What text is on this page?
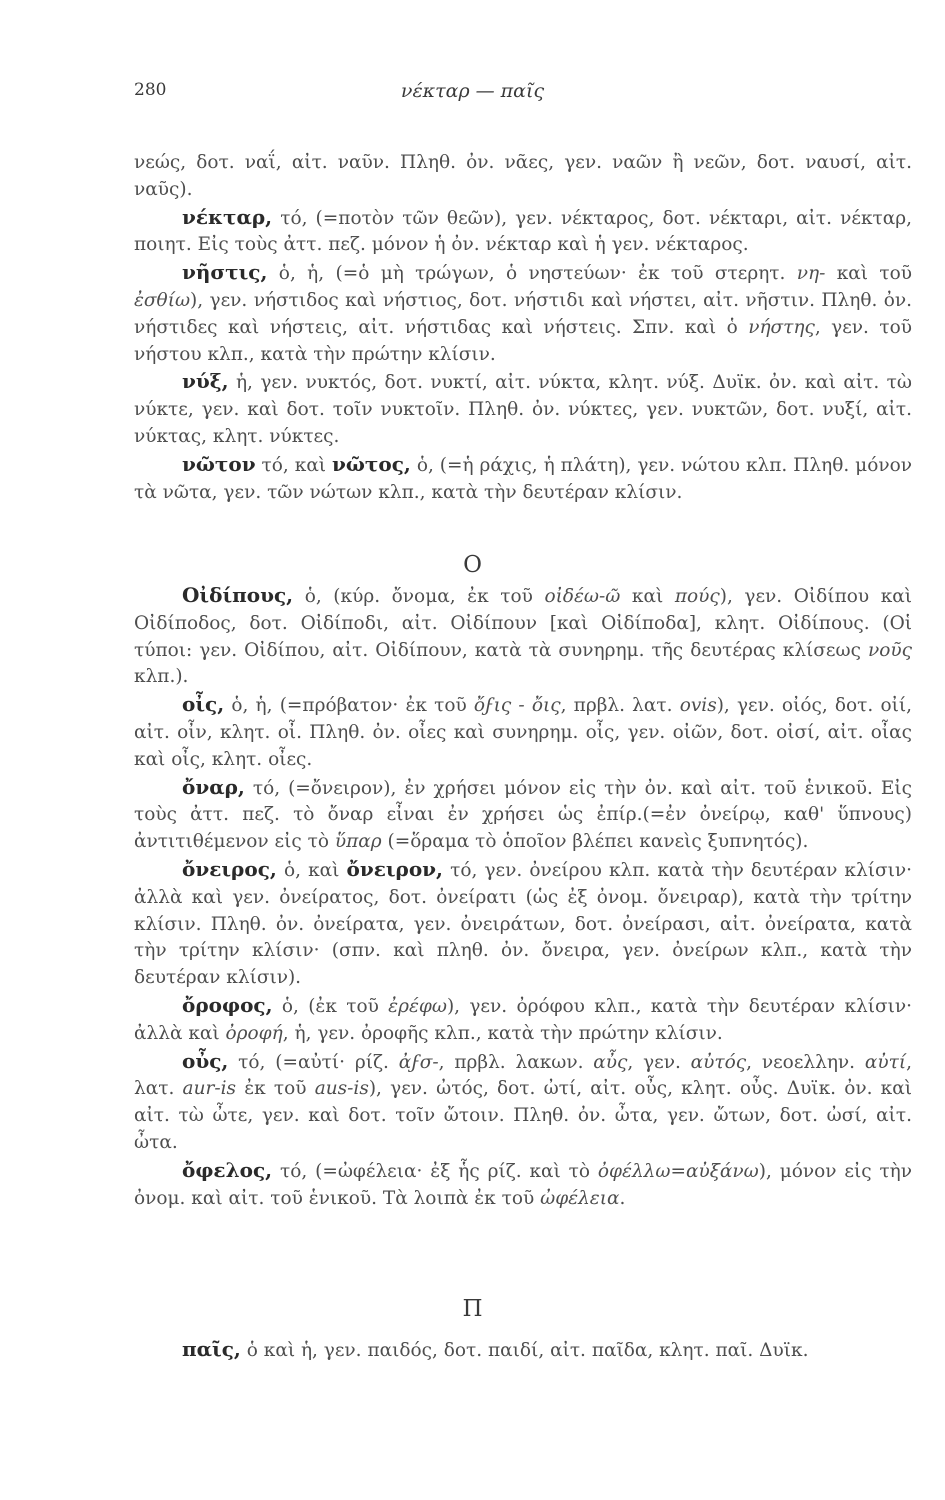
280	νέκταρ — παῖς

νεώς, δοτ. ναΐ, αἰτ. ναῦν. Πληθ. ὀν. νᾶες, γεν. ναῶν ἢ νεῶν, δοτ. ναυσί, αἰτ. ναῦς).

νέκταρ, τό, (=ποτὸν τῶν θεῶν), γεν. νέκταρος, δοτ. νέκταρι, αἰτ. νέκταρ, ποιητ. Εἰς τοὺς ἀττ. πεζ. μόνον ἡ ὀν. νέκταρ καὶ ἡ γεν. νέκταρος.

νῆστις, ὁ, ἡ, (=ὁ μὴ τρώγων, ὁ νηστεύων· ἐκ τοῦ στερητ. νη- καὶ τοῦ ἐσθίω), γεν. νήστιδος καὶ νήστιος, δοτ. νήστιδι καὶ νήστει, αἰτ. νῆστιν. Πληθ. ὀν. νήστιδες καὶ νήστεις, αἰτ. νήστιδας καὶ νήστεις. Σπν. καὶ ὁ νήστης, γεν. τοῦ νήστου κλπ., κατὰ τὴν πρώτην κλίσιν.

νύξ, ἡ, γεν. νυκτός, δοτ. νυκτί, αἰτ. νύκτα, κλητ. νύξ. Δυϊκ. ὀν. καὶ αἰτ. τὼ νύκτε, γεν. καὶ δοτ. τοῖν νυκτοῖν. Πληθ. ὀν. νύκτες, γεν. νυκτῶν, δοτ. νυξί, αἰτ. νύκτας, κλητ. νύκτες.

νῶτον τό, καὶ νῶτος, ὁ, (=ἡ ράχις, ἡ πλάτη), γεν. νώτου κλπ. Πληθ. μόνον τὰ νῶτα, γεν. τῶν νώτων κλπ., κατὰ τὴν δευτέραν κλίσιν.

Ο

Οἰδίπους, ὁ, (κύρ. ὄνομα, ἐκ τοῦ οἰδέω-ῶ καὶ πούς), γεν. Οἰδίπου καὶ Οἰδίποδος, δοτ. Οἰδίποδι, αἰτ. Οἰδίπουν [καὶ Οἰδίποδα], κλητ. Οἰδίπους. (Οἱ τύποι: γεν. Οἰδίπου, αἰτ. Οἰδίπουν, κατὰ τὰ συνηρημ. τῆς δευτέρας κλίσεως νοῦς κλπ.).

οἶς, ὁ, ἡ, (=πρόβατον· ἐκ τοῦ ὄϝις - ὄις, πρβλ. λατ. ovis), γεν. οἰός, δοτ. οἰί, αἰτ. οἶν, κλητ. οἶ. Πληθ. ὀν. οἶες καὶ συνηρημ. οἶς, γεν. οἰῶν, δοτ. οἰσί, αἰτ. οἶας καὶ οἶς, κλητ. οἶες.

ὄναρ, τό, (=ὄνειρον), ἐν χρήσει μόνον εἰς τὴν ὀν. καὶ αἰτ. τοῦ ἑνικοῦ. Εἰς τοὺς ἀττ. πεζ. τὸ ὄναρ εἶναι ἐν χρήσει ὡς ἐπίρ.(=ἐν ὀνείρῳ, καθ' ὕπνους) ἀντιτιθέμενον εἰς τὸ ὕπαρ (=ὅραμα τὸ ὁποῖον βλέπει κανεὶς ξυπνητός).

ὄνειρος, ὁ, καὶ ὄνειρον, τό, γεν. ὀνείρου κλπ. κατὰ τὴν δευτέραν κλίσιν· ἀλλὰ καὶ γεν. ὀνείρατος, δοτ. ὀνείρατι (ὡς ἐξ ὀνομ. ὄνειραρ), κατὰ τὴν τρίτην κλίσιν. Πληθ. ὀν. ὀνείρατα, γεν. ὀνειράτων, δοτ. ὀνείρασι, αἰτ. ὀνείρατα, κατὰ τὴν τρίτην κλίσιν· (σπν. καὶ πληθ. ὀν. ὄνειρα, γεν. ὀνείρων κλπ., κατὰ τὴν δευτέραν κλίσιν).

ὄροφος, ὁ, (ἐκ τοῦ ἐρέφω), γεν. ὀρόφου κλπ., κατὰ τὴν δευτέραν κλίσιν· ἀλλὰ καὶ ὀροφή, ἡ, γεν. ὀροφῆς κλπ., κατὰ τὴν πρώτην κλίσιν.

οὖς, τό, (=αὐτί· ρίζ. ἀϝσ-, πρβλ. λακων. αὖς, γεν. αὐτός, νεοελλην. αὐτί, λατ. aur-is ἐκ τοῦ aus-is), γεν. ὠτός, δοτ. ὠτί, αἰτ. οὖς, κλητ. οὖς. Δυϊκ. ὀν. καὶ αἰτ. τὼ ὦτε, γεν. καὶ δοτ. τοῖν ὤτοιν. Πληθ. ὀν. ὦτα, γεν. ὤτων, δοτ. ὠσί, αἰτ. ὦτα.

ὄφελος, τό, (=ὠφέλεια· ἐξ ἧς ρίζ. καὶ τὸ ὀφέλλω=αὐξάνω), μόνον εἰς τὴν ὀνομ. καὶ αἰτ. τοῦ ἑνικοῦ. Τὰ λοιπὰ ἐκ τοῦ ὠφέλεια.

Π

παῖς, ὁ καὶ ἡ, γεν. παιδός, δοτ. παιδί, αἰτ. παῖδα, κλητ. παῖ. Δυϊκ.
